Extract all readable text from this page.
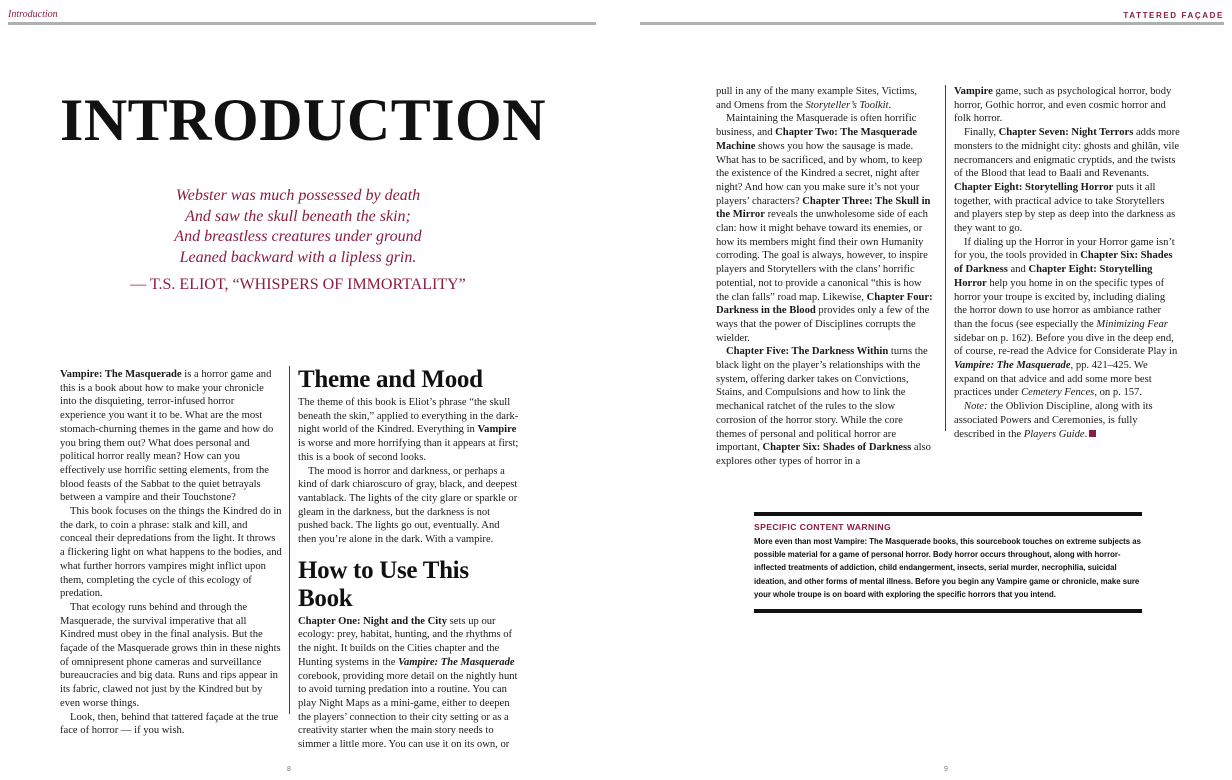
Introduction
INTRODUCTION
Webster was much possessed by death
And saw the skull beneath the skin;
And breastless creatures under ground
Leaned backward with a lipless grin.
— T.S. ELIOT, “WHISPERS OF IMMORTALITY”

Vampire: The Masquerade is a horror game and this is a book about how to make your chronicle into the disquieting, terror-infused horror experience you want it to be. What are the most stomach-churning themes in the game and how do you bring them out? What does personal and political horror really mean? How can you effectively use horrific setting elements, from the blood feasts of the Sabbat to the quiet betrayals between a vampire and their Touchstone?

This book focuses on the things the Kindred do in the dark, to coin a phrase: stalk and kill, and conceal their depredations from the light. It throws a flickering light on what happens to the bodies, and what further horrors vampires might inflict upon them, completing the cycle of this ecology of predation.

That ecology runs behind and through the Masquerade, the survival imperative that all Kindred must obey in the final analysis. But the façade of the Masquerade grows thin in these nights of omnipresent phone cameras and surveillance bureaucracies and big data. Runs and rips appear in its fabric, clawed not just by the Kindred but by even worse things.

Look, then, behind that tattered façade at the true face of horror — if you wish.

Theme and Mood

The theme of this book is Eliot’s phrase “the skull beneath the skin,” applied to everything in the dark-night world of the Kindred. Everything in Vampire is worse and more horrifying than it appears at first; this is a book of second looks.

The mood is horror and darkness, or perhaps a kind of dark chiaroscuro of gray, black, and deepest vantablack. The lights of the city glare or sparkle or gleam in the darkness, but the darkness is not pushed back. The lights go out, eventually. And then you’re alone in the dark. With a vampire.

How to Use This Book

Chapter One: Night and the City sets up our ecology: prey, habitat, hunting, and the rhythms of the night. It builds on the Cities chapter and the Hunting systems in the Vampire: The Masquerade corebook, providing more detail on the nightly hunt to avoid turning predation into a routine. You can play Night Maps as a mini-game, either to deepen the players’ connection to their city setting or as a creativity starter when the main story needs to simmer a little more. You can use it on its own, or

8
TATTERED FAÇADE

pull in any of the many example Sites, Victims, and Omens from the Storyteller’s Toolkit.

Maintaining the Masquerade is often horrific business, and Chapter Two: The Masquerade Machine shows you how the sausage is made. What has to be sacrificed, and by whom, to keep the existence of the Kindred a secret, night after night? And how can you make sure it’s not your players’ characters? Chapter Three: The Skull in the Mirror reveals the unwholesome side of each clan: how it might behave toward its enemies, or how its members might find their own Humanity corroding. The goal is always, however, to inspire players and Storytellers with the clans’ horrific potential, not to provide a canonical “this is how the clan falls” road map. Likewise, Chapter Four: Darkness in the Blood provides only a few of the ways that the power of Disciplines corrupts the wielder.

Chapter Five: The Darkness Within turns the black light on the player’s relationships with the system, offering darker takes on Convictions, Stains, and Compulsions and how to link the mechanical ratchet of the rules to the slow corrosion of the horror story. While the core themes of personal and political horror are important, Chapter Six: Shades of Darkness also explores other types of horror in a

Vampire game, such as psychological horror, body horror, Gothic horror, and even cosmic horror and folk horror.

Finally, Chapter Seven: Night Terrors adds more monsters to the midnight city: ghosts and ghilân, vile necromancers and enigmatic cryptids, and the twists of the Blood that lead to Baali and Revenants. Chapter Eight: Storytelling Horror puts it all together, with practical advice to take Storytellers and players step by step as deep into the darkness as they want to go.

If dialing up the Horror in your Horror game isn’t for you, the tools provided in Chapter Six: Shades of Darkness and Chapter Eight: Storytelling Horror help you home in on the specific types of horror your troupe is excited by, including dialing the horror down to use horror as ambiance rather than the focus (see especially the Minimizing Fear sidebar on p. 162). Before you dive in the deep end, of course, re-read the Advice for Considerate Play in Vampire: The Masquerade, pp. 421–425. We expand on that advice and add some more best practices under Cemetery Fences, on p. 157.

Note: the Oblivion Discipline, along with its associated Powers and Ceremonies, is fully described in the Players Guide.

SPECIFIC CONTENT WARNING
More even than most Vampire: The Masquerade books, this sourcebook touches on extreme subjects as possible material for a game of personal horror. Body horror occurs throughout, along with horror-inflected treatments of addiction, child endangerment, insects, serial murder, necrophilia, suicidal ideation, and other forms of mental illness. Before you begin any Vampire game or chronicle, make sure your whole troupe is on board with exploring the specific horrors that you intend.
9
